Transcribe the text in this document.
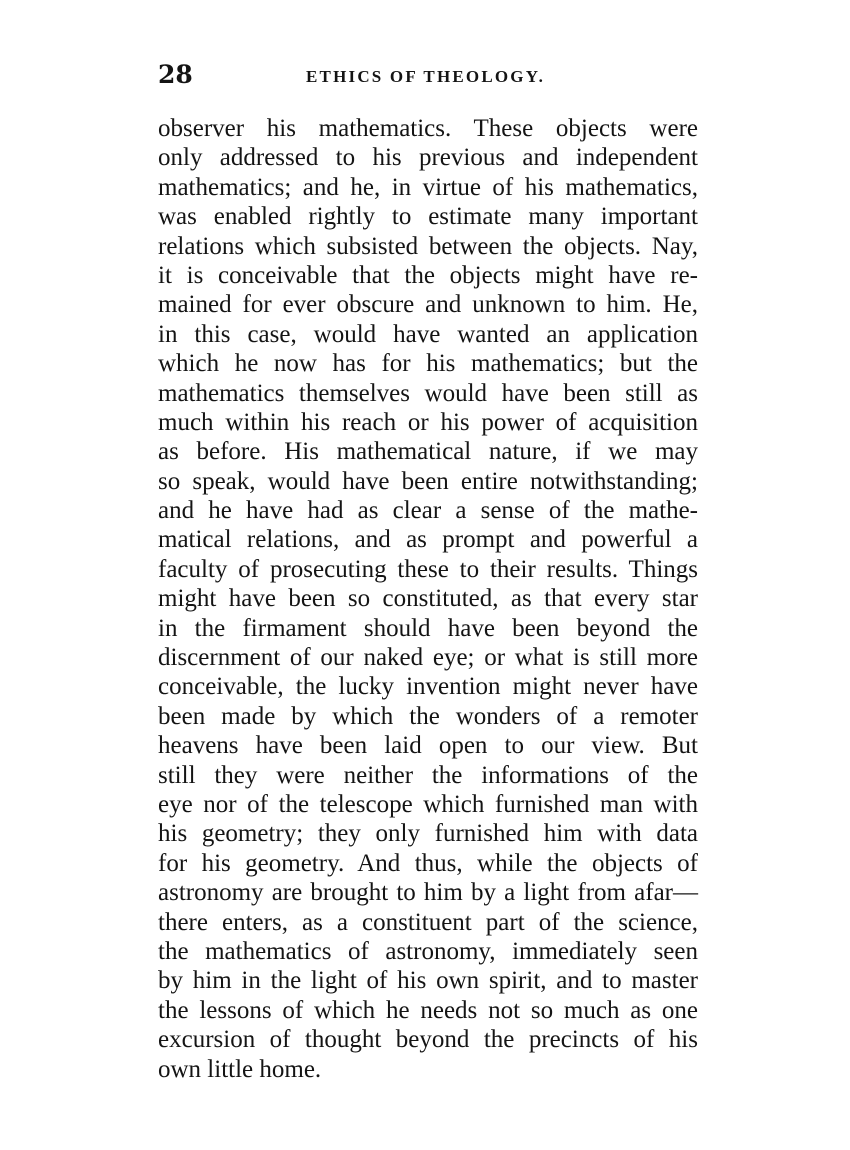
28	ETHICS OF THEOLOGY.
observer his mathematics. These objects were
only addressed to his previous and independent
mathematics; and he, in virtue of his mathematics,
was enabled rightly to estimate many important
relations which subsisted between the objects. Nay,
it is conceivable that the objects might have re-
mained for ever obscure and unknown to him. He,
in this case, would have wanted an application
which he now has for his mathematics; but the
mathematics themselves would have been still as
much within his reach or his power of acquisition
as before. His mathematical nature, if we may
so speak, would have been entire notwithstanding;
and he have had as clear a sense of the mathe-
matical relations, and as prompt and powerful a
faculty of prosecuting these to their results. Things
might have been so constituted, as that every star
in the firmament should have been beyond the
discernment of our naked eye; or what is still more
conceivable, the lucky invention might never have
been made by which the wonders of a remoter
heavens have been laid open to our view. But
still they were neither the informations of the
eye nor of the telescope which furnished man with
his geometry; they only furnished him with data
for his geometry. And thus, while the objects of
astronomy are brought to him by a light from afar—
there enters, as a constituent part of the science,
the mathematics of astronomy, immediately seen
by him in the light of his own spirit, and to master
the lessons of which he needs not so much as one
excursion of thought beyond the precincts of his
own little home.
